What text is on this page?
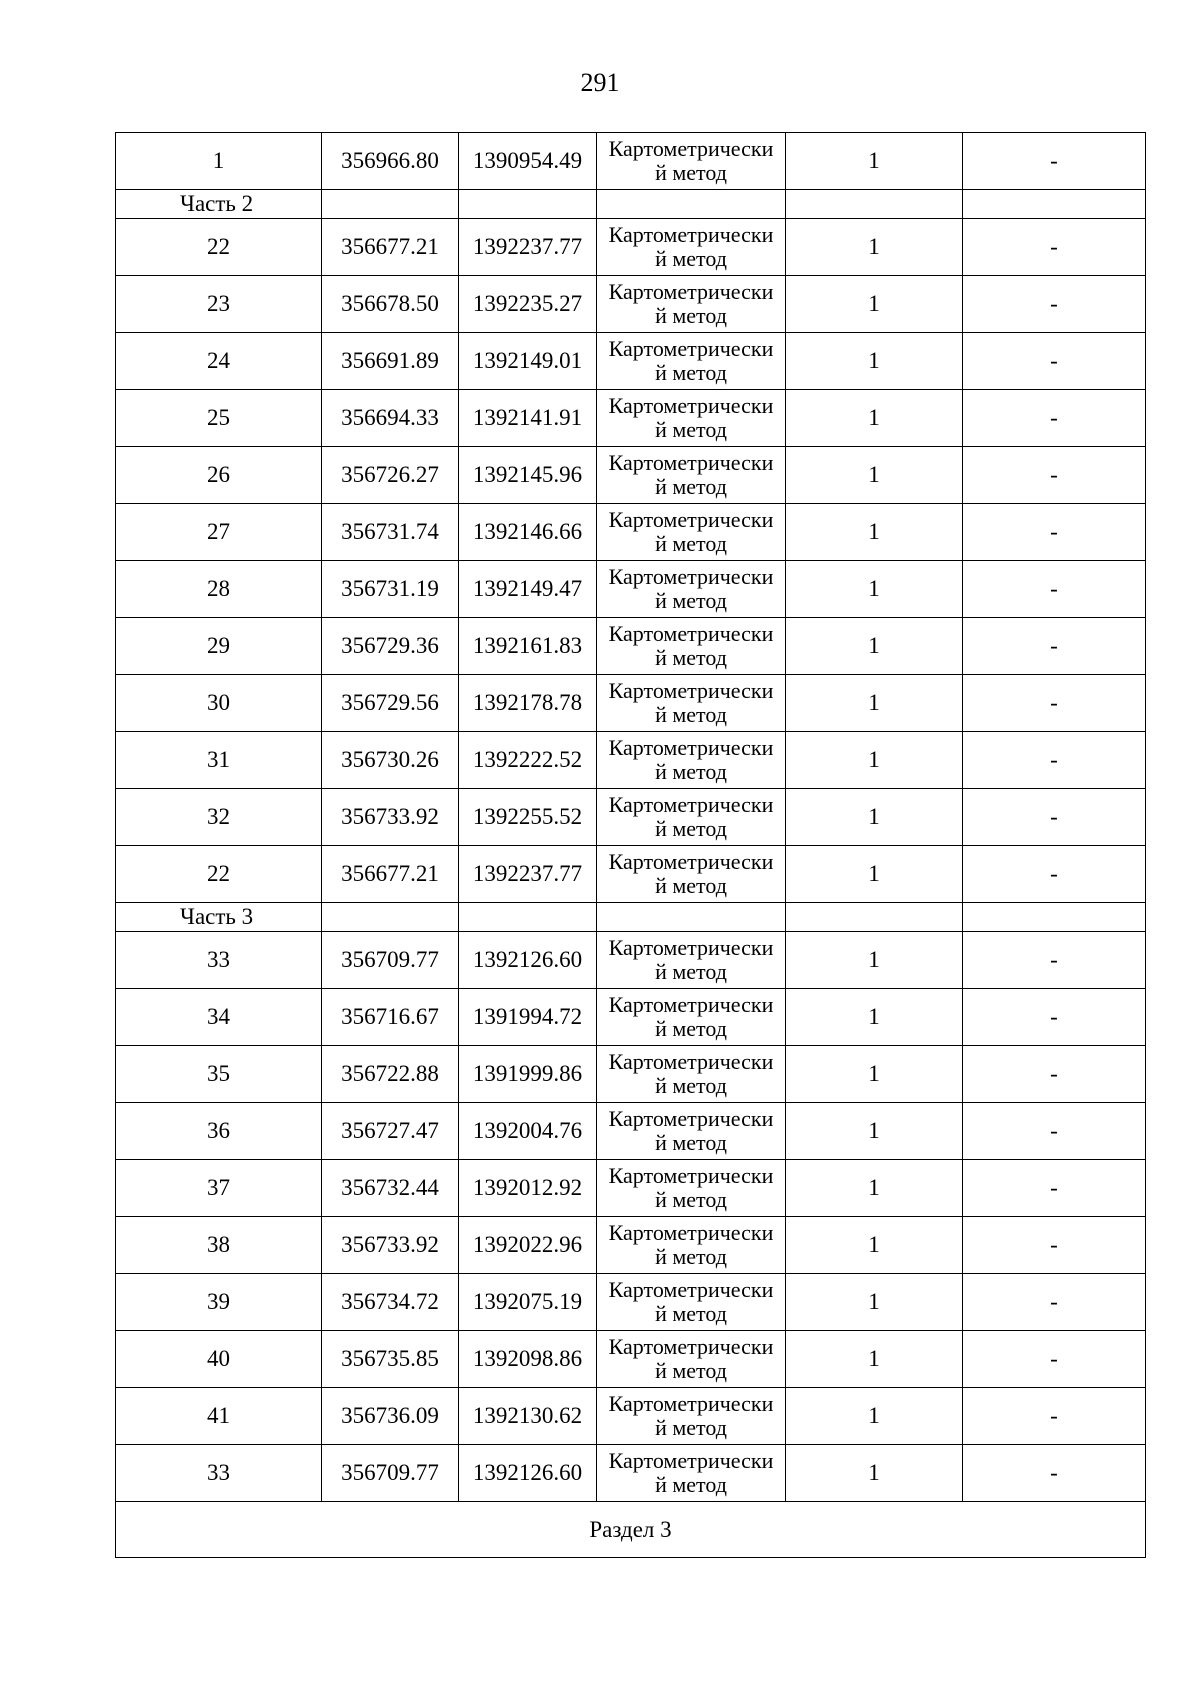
291
1	356966.80	1390954.49	Картометрически
й метод	1	-
Часть 2					
22	356677.21	1392237.77	Картометрически
й метод	1	-
23	356678.50	1392235.27	Картометрически
й метод	1	-
24	356691.89	1392149.01	Картометрически
й метод	1	-
25	356694.33	1392141.91	Картометрически
й метод	1	-
26	356726.27	1392145.96	Картометрически
й метод	1	-
27	356731.74	1392146.66	Картометрически
й метод	1	-
28	356731.19	1392149.47	Картометрически
й метод	1	-
29	356729.36	1392161.83	Картометрически
й метод	1	-
30	356729.56	1392178.78	Картометрически
й метод	1	-
31	356730.26	1392222.52	Картометрически
й метод	1	-
32	356733.92	1392255.52	Картометрически
й метод	1	-
22	356677.21	1392237.77	Картометрически
й метод	1	-
Часть 3					
33	356709.77	1392126.60	Картометрически
й метод	1	-
34	356716.67	1391994.72	Картометрически
й метод	1	-
35	356722.88	1391999.86	Картометрически
й метод	1	-
36	356727.47	1392004.76	Картометрически
й метод	1	-
37	356732.44	1392012.92	Картометрически
й метод	1	-
38	356733.92	1392022.96	Картометрически
й метод	1	-
39	356734.72	1392075.19	Картометрически
й метод	1	-
40	356735.85	1392098.86	Картометрически
й метод	1	-
41	356736.09	1392130.62	Картометрически
й метод	1	-
33	356709.77	1392126.60	Картометрически
й метод	1	-
Раздел 3					
